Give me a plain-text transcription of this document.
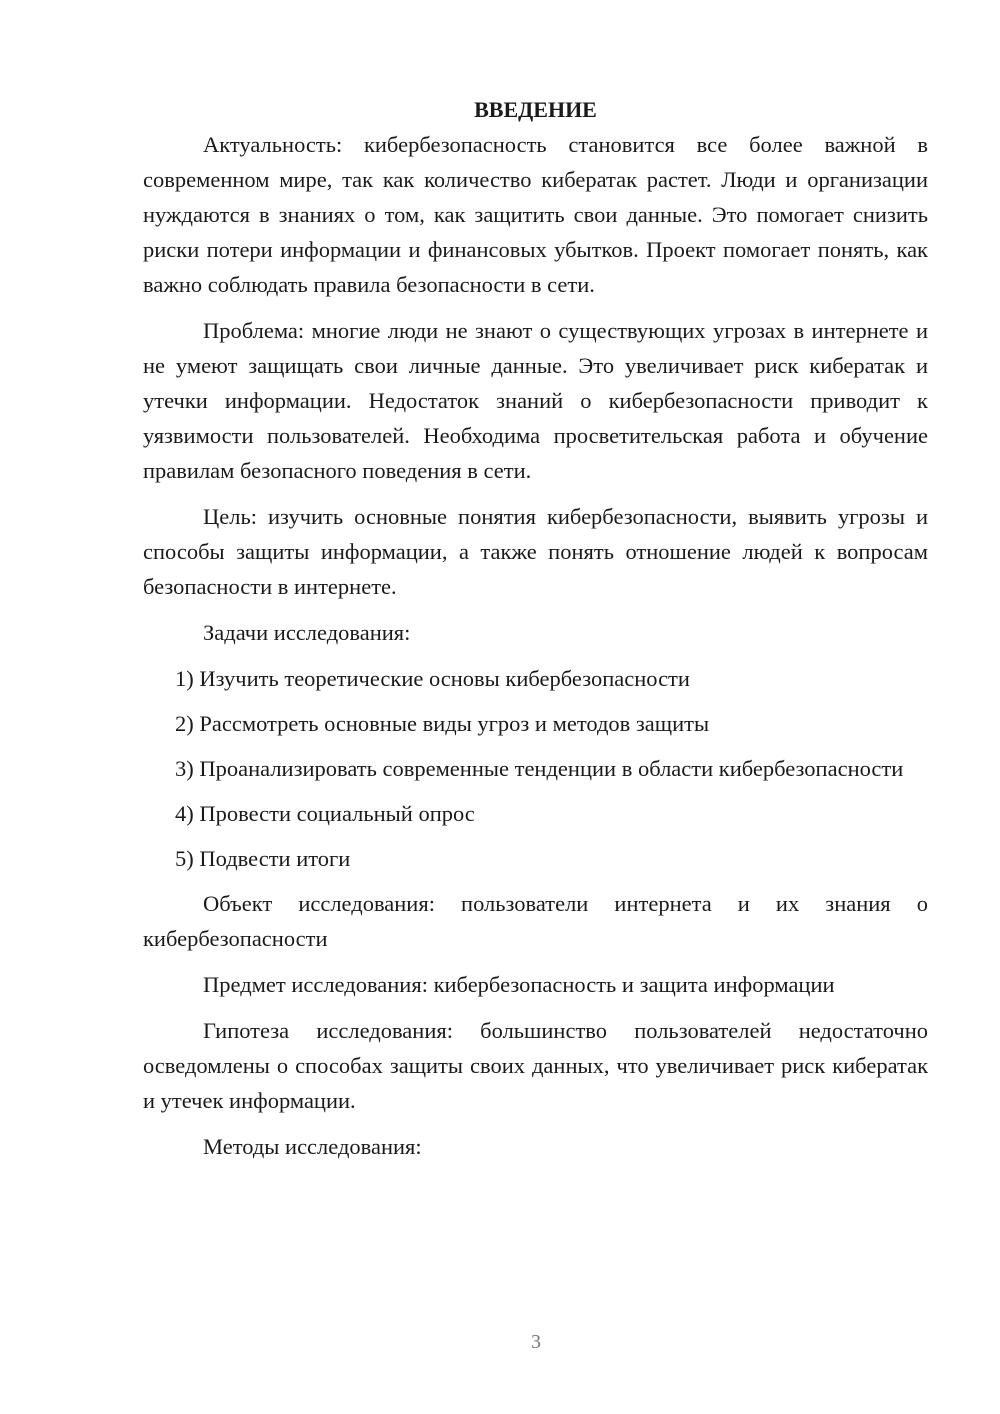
ВВЕДЕНИЕ

Актуальность: кибербезопасность становится все более важной в современном мире, так как количество кибератак растет. Люди и организации нуждаются в знаниях о том, как защитить свои данные. Это помогает снизить риски потери информации и финансовых убытков. Проект помогает понять, как важно соблюдать правила безопасности в сети.

Проблема: многие люди не знают о существующих угрозах в интернете и не умеют защищать свои личные данные. Это увеличивает риск кибератак и утечки информации. Недостаток знаний о кибербезопасности приводит к уязвимости пользователей. Необходима просветительская работа и обучение правилам безопасного поведения в сети.

Цель: изучить основные понятия кибербезопасности, выявить угрозы и способы защиты информации, а также понять отношение людей к вопросам безопасности в интернете.

Задачи исследования:

1) Изучить теоретические основы кибербезопасности

2) Рассмотреть основные виды угроз и методов защиты

3) Проанализировать современные тенденции в области кибербезопасности

4) Провести социальный опрос

5) Подвести итоги

Объект исследования: пользователи интернета и их знания о кибербезопасности

Предмет исследования: кибербезопасность и защита информации

Гипотеза исследования: большинство пользователей недостаточно осведомлены о способах защиты своих данных, что увеличивает риск кибератак и утечек информации.

Методы исследования:

3
